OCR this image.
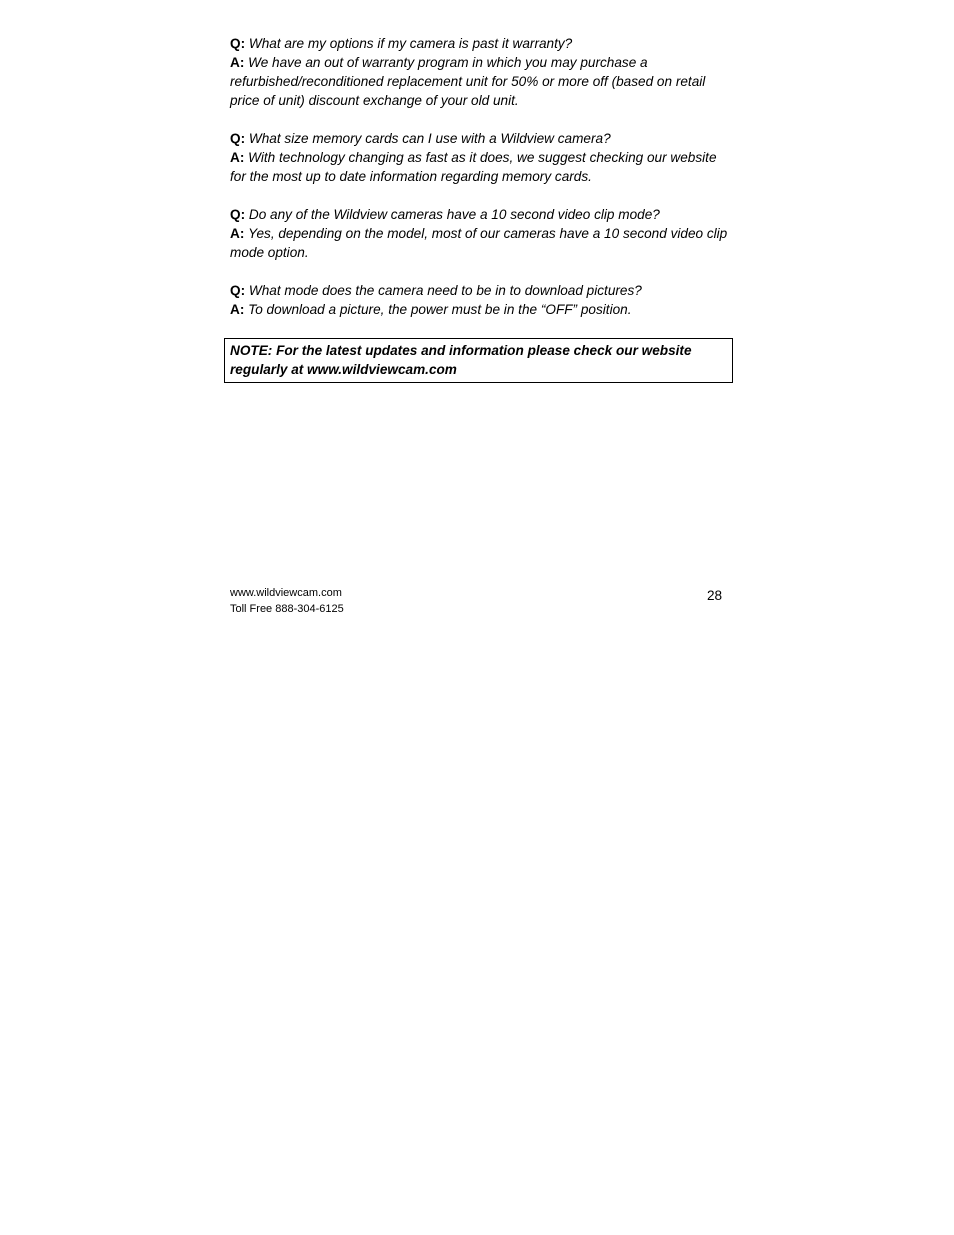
Q: What are my options if my camera is past it warranty?

A: We have an out of warranty program in which you may purchase a refurbished/reconditioned replacement unit for 50% or more off (based on retail price of unit) discount exchange of your old unit.

Q: What size memory cards can I use with a Wildview camera?

A: With technology changing as fast as it does, we suggest checking our website for the most up to date information regarding memory cards.

Q: Do any of the Wildview cameras have a 10 second video clip mode?

A: Yes, depending on the model, most of our cameras have a 10 second video clip mode option.

Q: What mode does the camera need to be in to download pictures?

A: To download a picture, the power must be in the “OFF” position.

NOTE: For the latest updates and information please check our website regularly at www.wildviewcam.com
www.wildviewcam.com
Toll Free 888-304-6125
28
